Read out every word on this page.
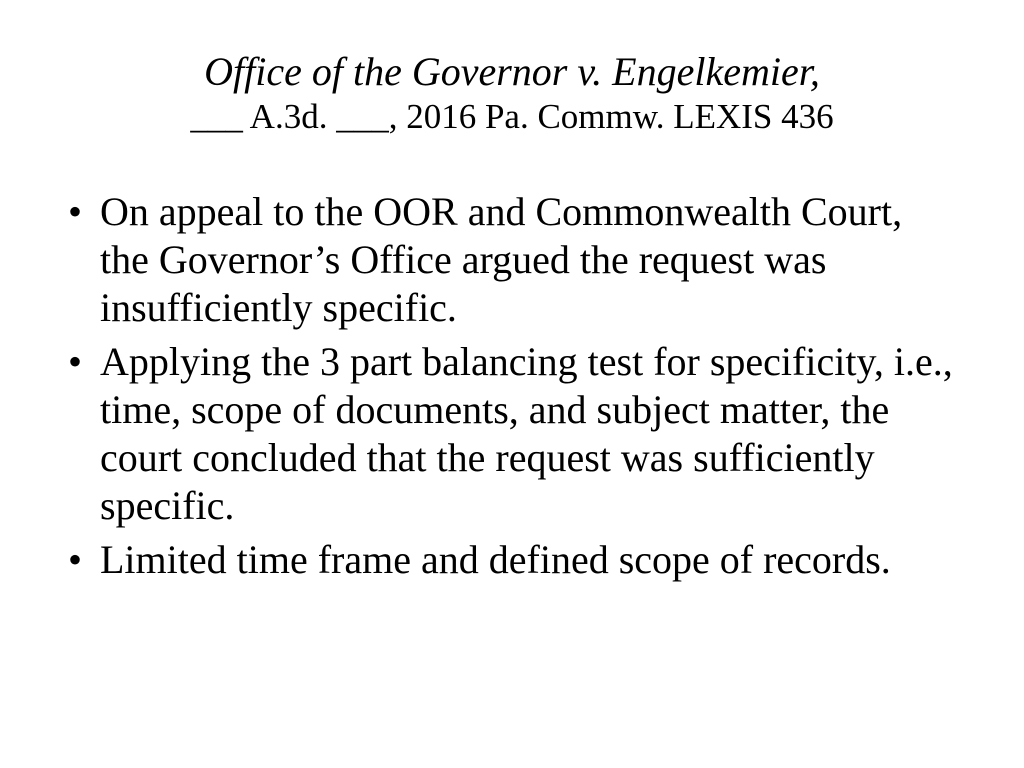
Office of the Governor v. Engelkemier,
___ A.3d. ___, 2016 Pa. Commw. LEXIS 436
• On appeal to the OOR and Commonwealth Court, the Governor’s Office argued the request was insufficiently specific.
• Applying the 3 part balancing test for specificity, i.e., time, scope of documents, and subject matter, the court concluded that the request was sufficiently specific.
• Limited time frame and defined scope of records.
